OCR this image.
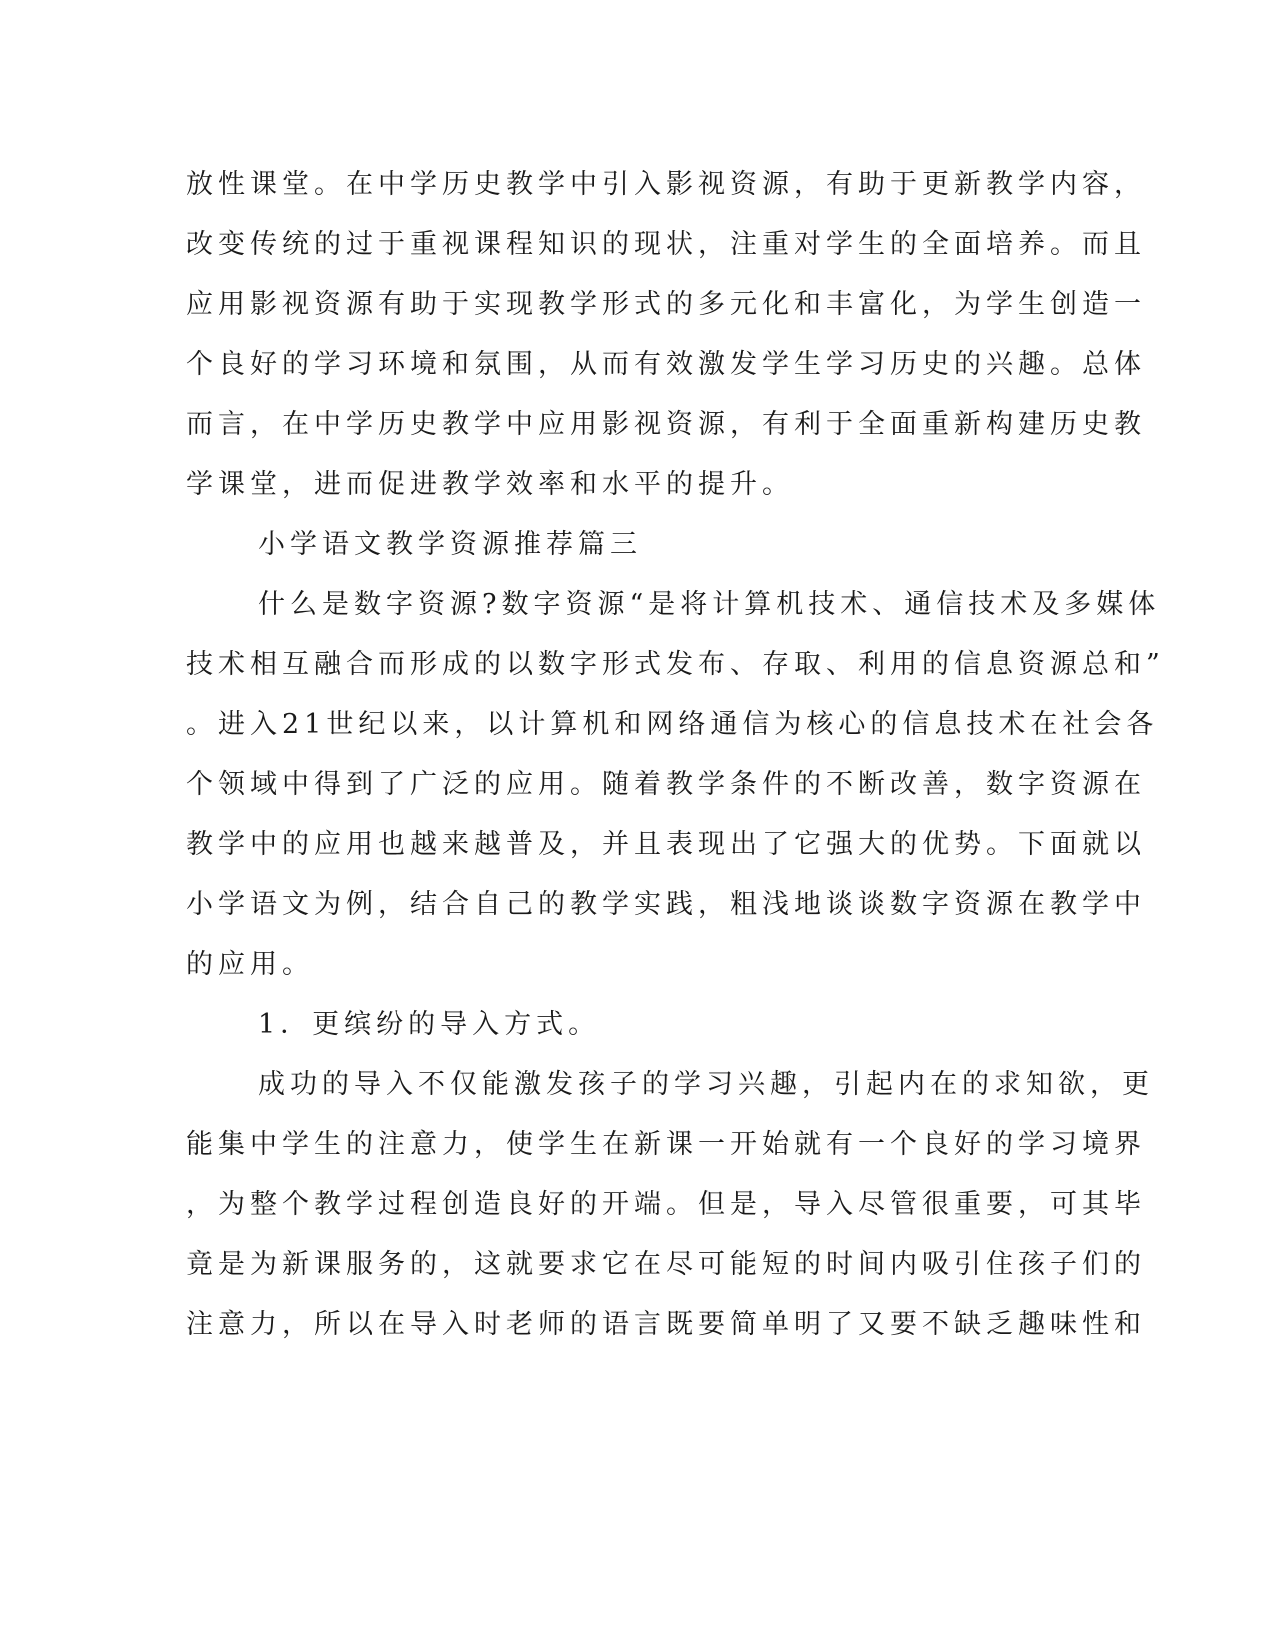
放性课堂。在中学历史教学中引入影视资源，有助于更新教学内容，
改变传统的过于重视课程知识的现状，注重对学生的全面培养。而且
应用影视资源有助于实现教学形式的多元化和丰富化，为学生创造一
个良好的学习环境和氛围，从而有效激发学生学习历史的兴趣。总体
而言，在中学历史教学中应用影视资源，有利于全面重新构建历史教
学课堂，进而促进教学效率和水平的提升。
小学语文教学资源推荐篇三
什么是数字资源?数字资源“是将计算机技术、通信技术及多媒体
技术相互融合而形成的以数字形式发布、存取、利用的信息资源总和”
。进入21世纪以来，以计算机和网络通信为核心的信息技术在社会各
个领域中得到了广泛的应用。随着教学条件的不断改善，数字资源在
教学中的应用也越来越普及，并且表现出了它强大的优势。下面就以
小学语文为例，结合自己的教学实践，粗浅地谈谈数字资源在教学中
的应用。
1．更缤纷的导入方式。
成功的导入不仅能激发孩子的学习兴趣，引起内在的求知欲，更
能集中学生的注意力，使学生在新课一开始就有一个良好的学习境界
，为整个教学过程创造良好的开端。但是，导入尽管很重要，可其毕
竟是为新课服务的，这就要求它在尽可能短的时间内吸引住孩子们的
注意力，所以在导入时老师的语言既要简单明了又要不缺乏趣味性和
